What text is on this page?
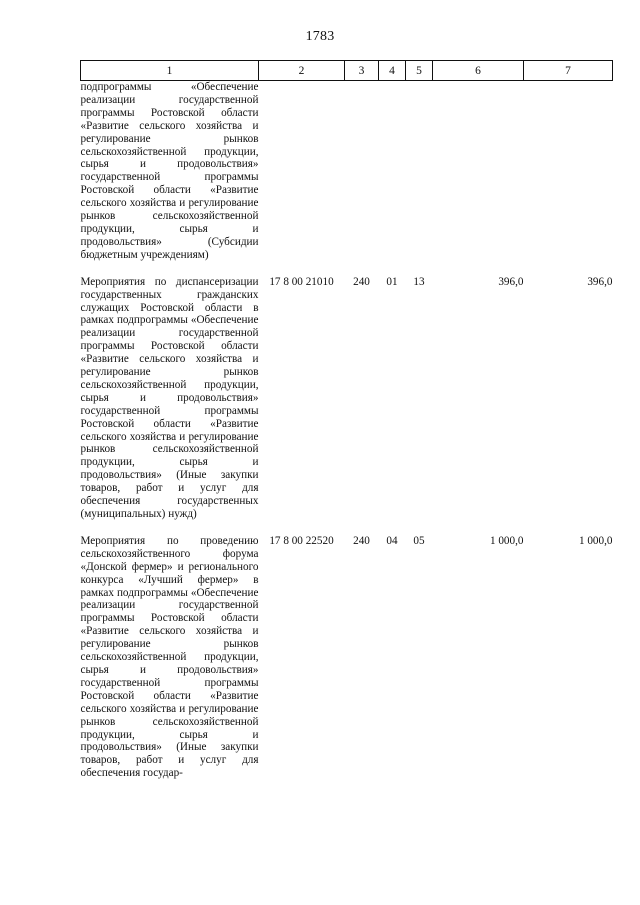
1783
1	2	3	4	5	6	7
подпрограммы «Обеспечение реализации государственной программы Ростовской области «Развитие сельского хозяйства и регулирование рынков сельскохозяйственной продукции, сырья и продовольствия» государственной программы Ростовской области «Развитие сельского хозяйства и регулирование рынков сельскохозяйственной продукции, сырья и продовольствия» (Субсидии бюджетным учреждениям)						

Мероприятия по диспансеризации государственных гражданских служащих Ростовской области в рамках подпрограммы «Обеспечение реализации государственной программы Ростовской области «Развитие сельского хозяйства и регулирование рынков сельскохозяйственной продукции, сырья и продовольствия» государственной программы Ростовской области «Развитие сельского хозяйства и регулирование рынков сельскохозяйственной продукции, сырья и продовольствия» (Иные закупки товаров, работ и услуг для обеспечения государственных (муниципальных) нужд)	17 8 00 21010	240	01	13	396,0	396,0

Мероприятия по проведению сельскохозяйственного форума «Донской фермер» и регионального конкурса «Лучший фермер» в рамках подпрограммы «Обеспечение реализации государственной программы Ростовской области «Развитие сельского хозяйства и регулирование рынков сельскохозяйственной продукции, сырья и продовольствия» государственной программы Ростовской области «Развитие сельского хозяйства и регулирование рынков сельскохозяйственной продукции, сырья и продовольствия» (Иные закупки товаров, работ и услуг для обеспечения государ-	17 8 00 22520	240	04	05	1 000,0	1 000,0
